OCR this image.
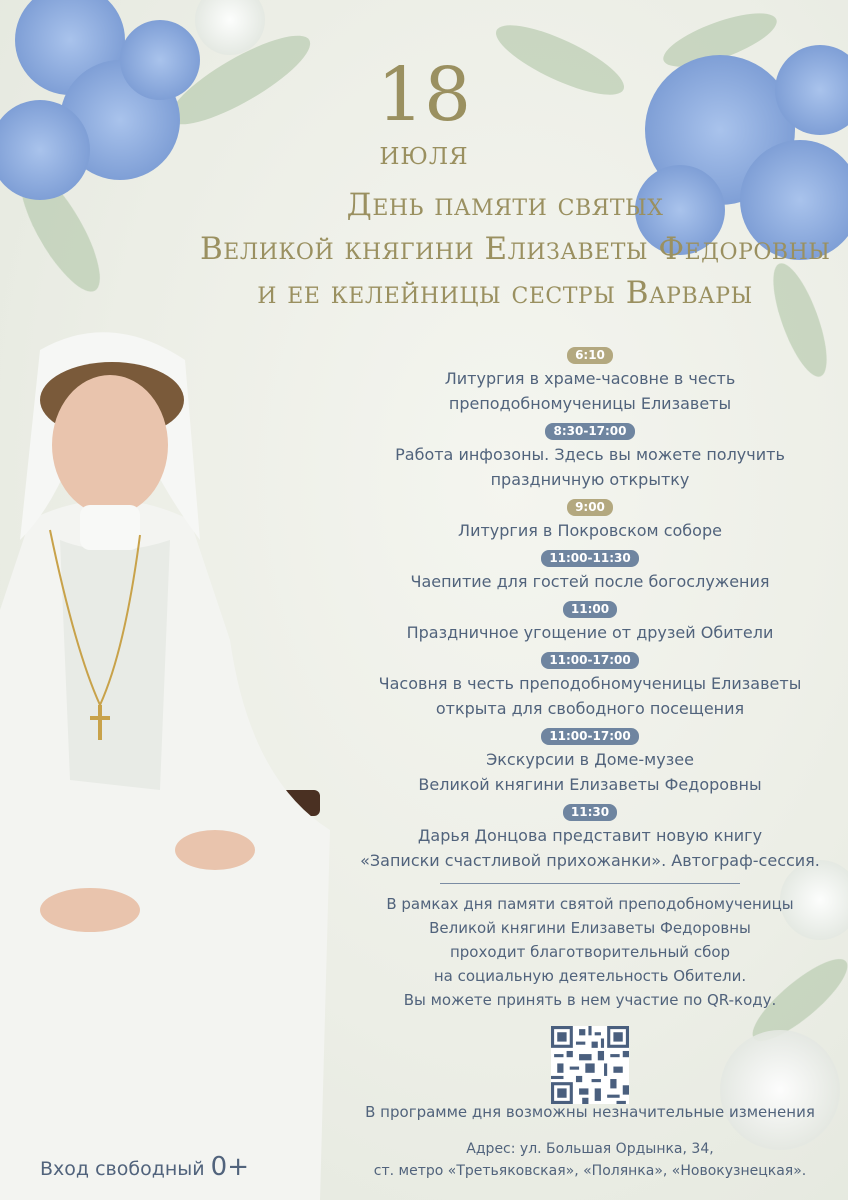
18
ИЮЛЯ
День памяти святых
Великой княгини Елизаветы Федоровны
и ее келейницы сестры Варвары
6:10
Литургия в храме-часовне в честь
преподобномученицы Елизаветы
8:30-17:00
Работа инфозоны. Здесь вы можете получить
праздничную открытку
9:00
Литургия в Покровском соборе
11:00-11:30
Чаепитие для гостей после богослужения
11:00
Праздничное угощение от друзей Обители
11:00-17:00
Часовня в честь преподобномученицы Елизаветы
открыта для свободного посещения
11:00-17:00
Экскурсии в Доме-музее
Великой княгини Елизаветы Федоровны
11:30
Дарья Донцова представит новую книгу
«Записки счастливой прихожанки». Автограф-сессия.
В рамках дня памяти святой преподобномученицы
Великой княгини Елизаветы Федоровны
проходит благотворительный сбор
на социальную деятельность Обители.
Вы можете принять в нем участие по QR-коду.
В программе дня возможны незначительные изменения
Адрес: ул. Большая Ордынка, 34,
ст. метро «Третьяковская», «Полянка», «Новокузнецкая».
Вход свободный 0+
